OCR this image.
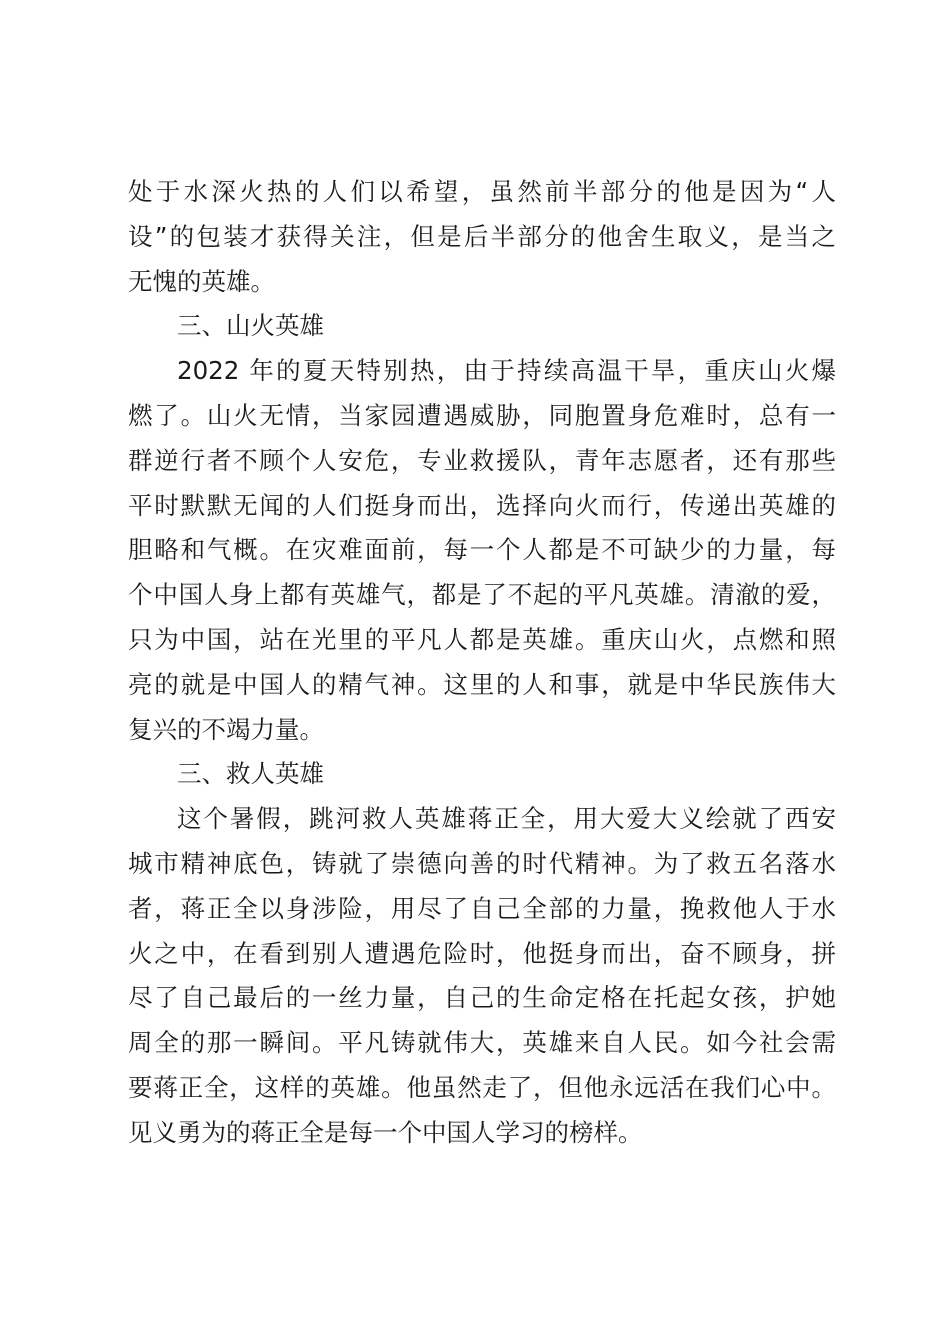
处于水深火热的人们以希望，虽然前半部分的他是因为“人
设”的包装才获得关注，但是后半部分的他舍生取义，是当之
无愧的英雄。

三、山火英雄

2022 年的夏天特别热，由于持续高温干旱，重庆山火爆
燃了。山火无情，当家园遭遇威胁，同胞置身危难时，总有一
群逆行者不顾个人安危，专业救援队，青年志愿者，还有那些
平时默默无闻的人们挺身而出，选择向火而行，传递出英雄的
胆略和气概。在灾难面前，每一个人都是不可缺少的力量，每
个中国人身上都有英雄气，都是了不起的平凡英雄。清澈的爱，
只为中国，站在光里的平凡人都是英雄。重庆山火，点燃和照
亮的就是中国人的精气神。这里的人和事，就是中华民族伟大
复兴的不竭力量。

三、救人英雄

这个暑假，跳河救人英雄蒋正全，用大爱大义绘就了西安
城市精神底色，铸就了崇德向善的时代精神。为了救五名落水
者，蒋正全以身涉险，用尽了自己全部的力量，挽救他人于水
火之中，在看到别人遭遇危险时，他挺身而出，奋不顾身，拼
尽了自己最后的一丝力量，自己的生命定格在托起女孩，护她
周全的那一瞬间。平凡铸就伟大，英雄来自人民。如今社会需
要蒋正全，这样的英雄。他虽然走了，但他永远活在我们心中。
见义勇为的蒋正全是每一个中国人学习的榜样。
